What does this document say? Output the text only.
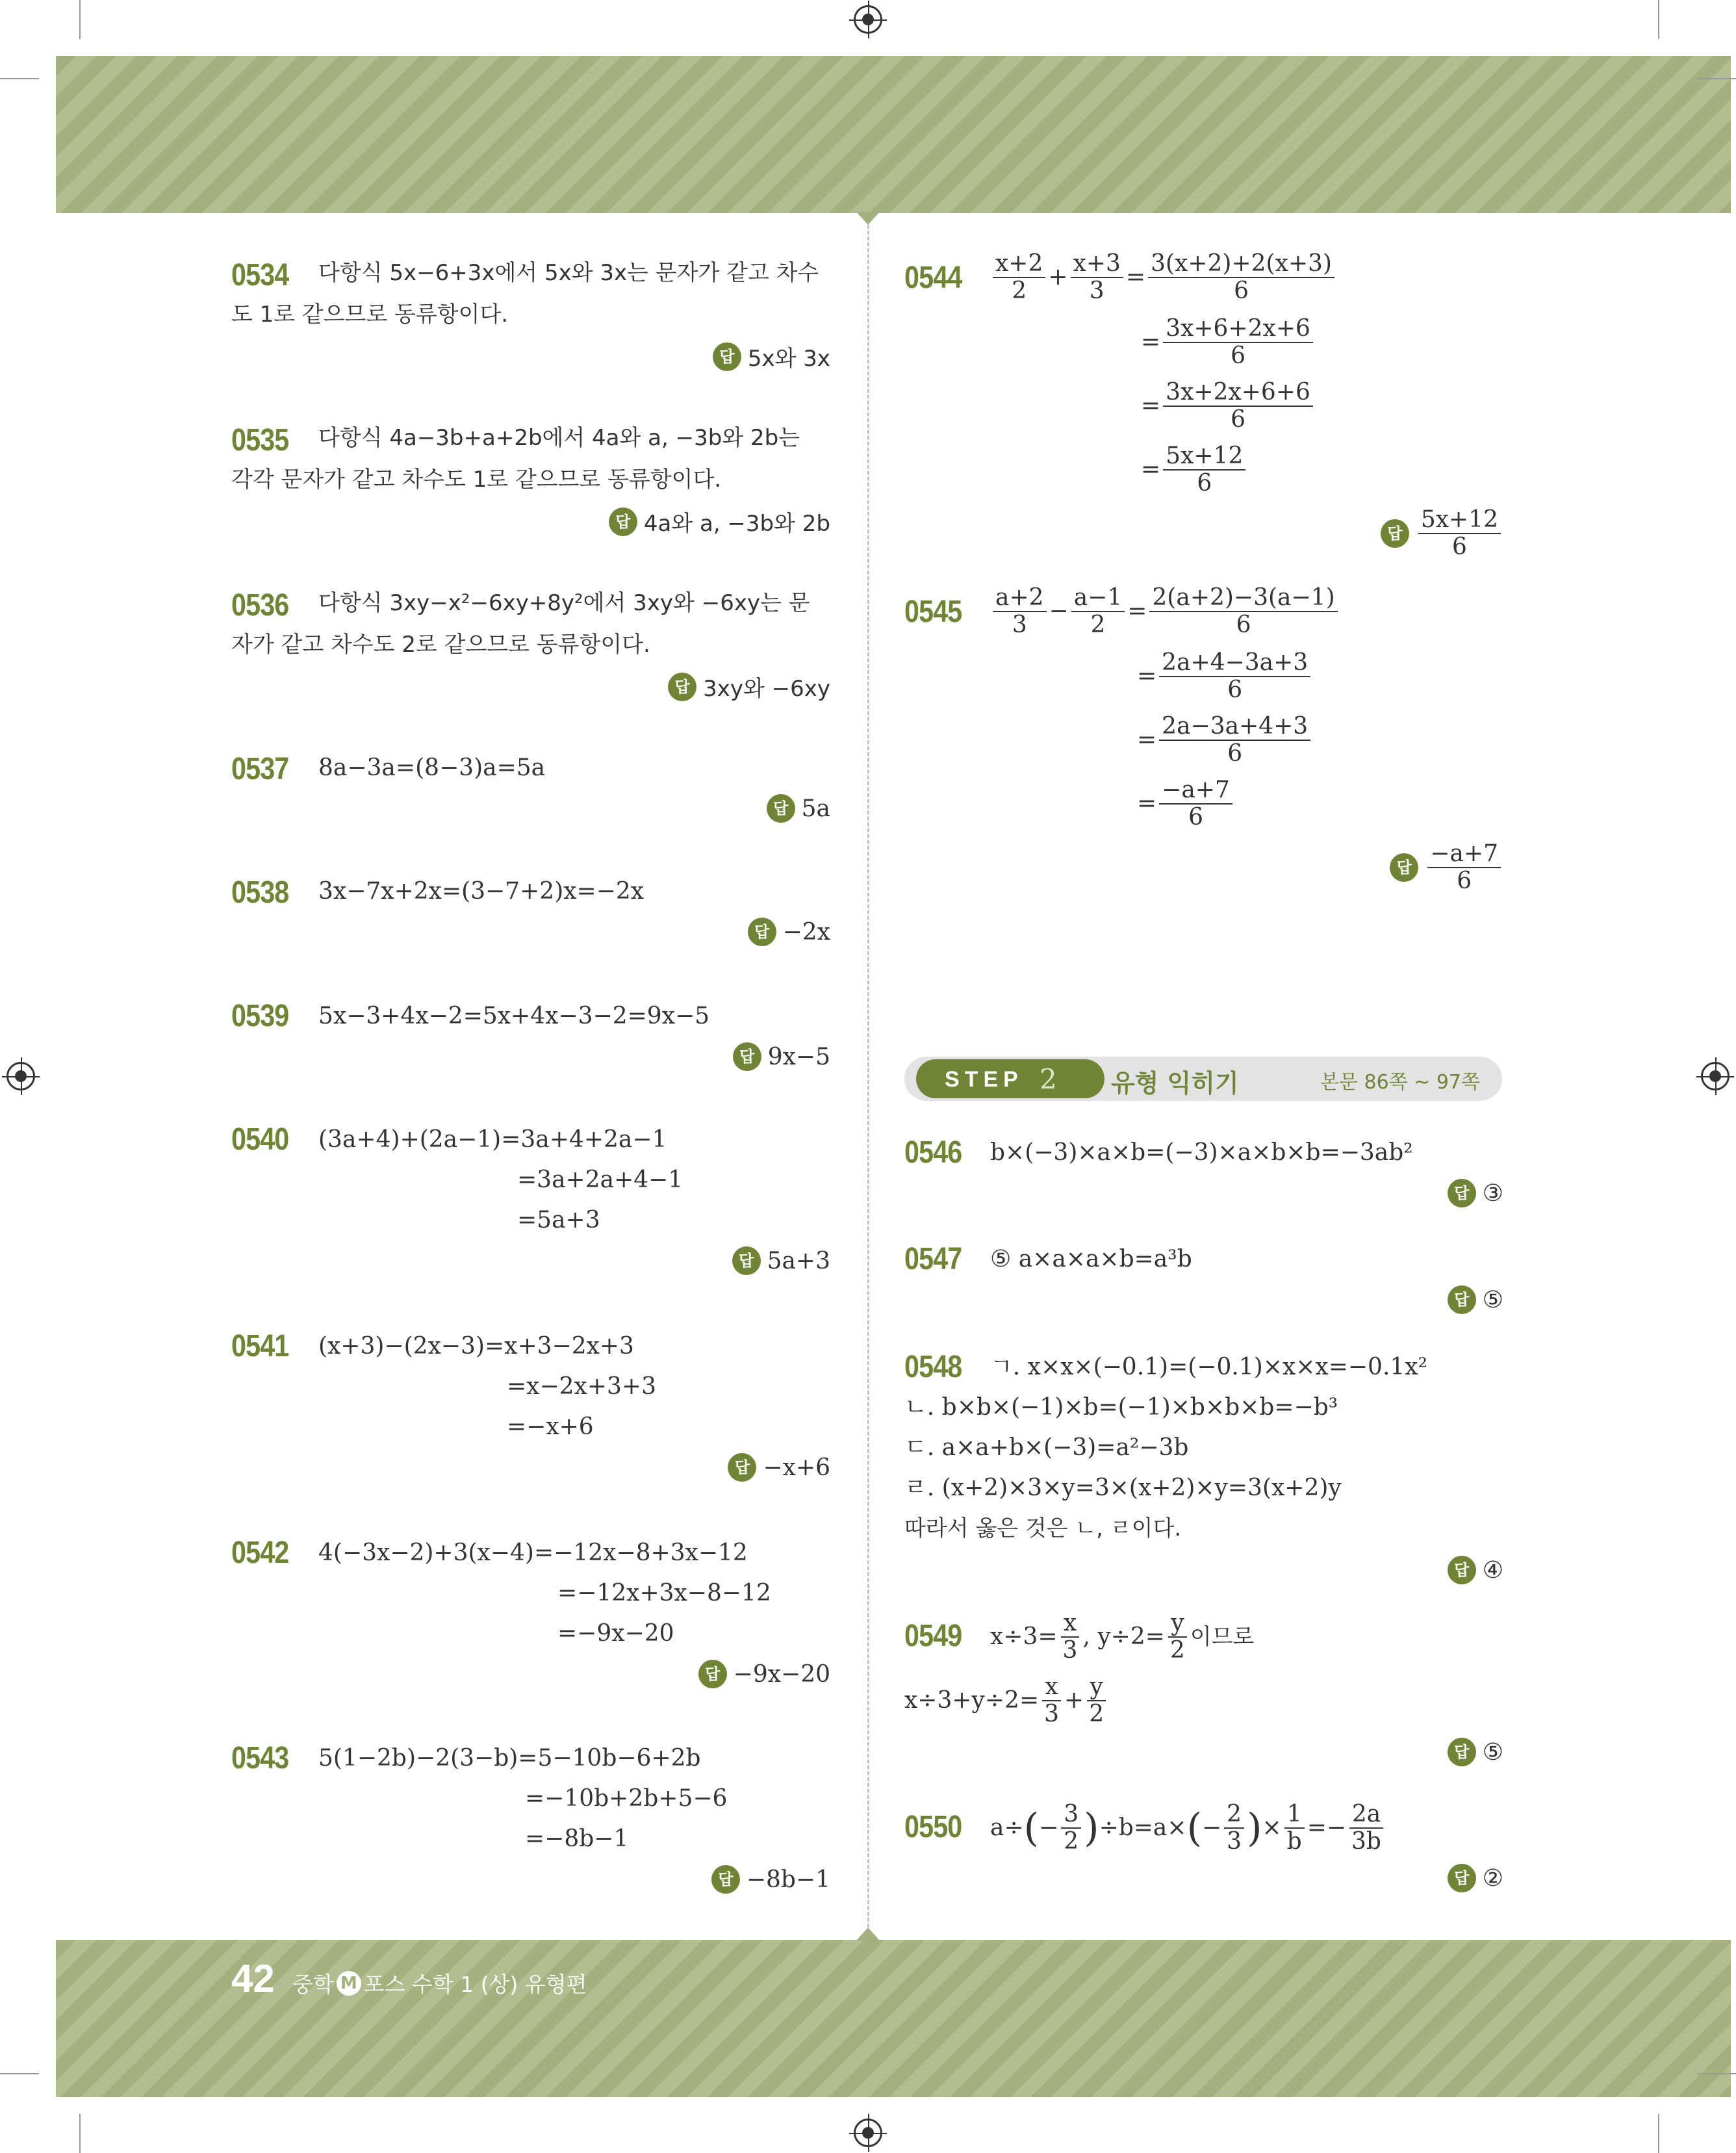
0534 다항식 5x−6+3x에서 5x와 3x는 문자가 같고 차수
도 1로 같으므로 동류항이다.
답 5x와 3x
0535 다항식 4a−3b+a+2b에서 4a와 a, −3b와 2b는
각각 문자가 같고 차수도 1로 같으므로 동류항이다.
답 4a와 a, −3b와 2b
0536 다항식 3xy−x²−6xy+8y²에서 3xy와 −6xy는 문
자가 같고 차수도 2로 같으므로 동류항이다.
답 3xy와 −6xy
0537 8a−3a=(8−3)a=5a
답 5a
0538 3x−7x+2x=(3−7+2)x=−2x
답 −2x
0539 5x−3+4x−2=5x+4x−3−2=9x−5
답 9x−5
0540 (3a+4)+(2a−1)=3a+4+2a−1
=3a+2a+4−1
=5a+3
답 5a+3
0541 (x+3)−(2x−3)=x+3−2x+3
=x−2x+3+3
=−x+6
답 −x+6
0542 4(−3x−2)+3(x−4)=−12x−8+3x−12
=−12x+3x−8−12
=−9x−20
답 −9x−20
0543 5(1−2b)−2(3−b)=5−10b−6+2b
=−10b+2b+5−6
=−8b−1
답 −8b−1
$0544 \frac{x+2}{2} + \frac{x+3}{3} = \frac{3(x+2)+2(x+3)}{6}$
= $\frac{3x+6+2x+6}{6}$
= $\frac{3x+2x+6+6}{6}$
= $\frac{5x+12}{6}$
답 $\frac{5x+12}{6}$
$0545 \frac{a+2}{3} - \frac{a-1}{2} = \frac{2(a+2)-3(a-1)}{6}$
= $\frac{2a+4-3a+3}{6}$
= $\frac{2a-3a+4+3}{6}$
= $\frac{-a+7}{6}$
답 $\frac{-a+7}{6}$
STEP 2 유형 익히기	본문 86쪽 ~ 97쪽
0546 b×(−3)×a×b=(−3)×a×b×b=−3ab²
답 ③
0547 ⑤ a×a×a×b=a³b
답 ⑤
0548 ㄱ. x×x×(−0.1)=(−0.1)×x×x=−0.1x²
ㄴ. b×b×(−1)×b=(−1)×b×b×b=−b³
ㄷ. a×a+b×(−3)=a²−3b
ㄹ. (x+2)×3×y=3×(x+2)×y=3(x+2)y
따라서 옳은 것은 ㄴ, ㄹ이다.
답 ④
0549 $x\div 3= \frac{x}{3}$ , $y\div 2= \frac{y}{2}$ 이므로
$x\div 3+y\div 2= \frac{x}{3} + \frac{y}{2}$
답 ⑤
0550 a÷ ( − $\frac{3}{2}$ ) ÷b=a× ( − $\frac{2}{3}$ ) × $\frac{1}{b} =- \frac{2a}{3b}$
답 ②
42 중학 M 포스 수학 1 (상) 유형편
